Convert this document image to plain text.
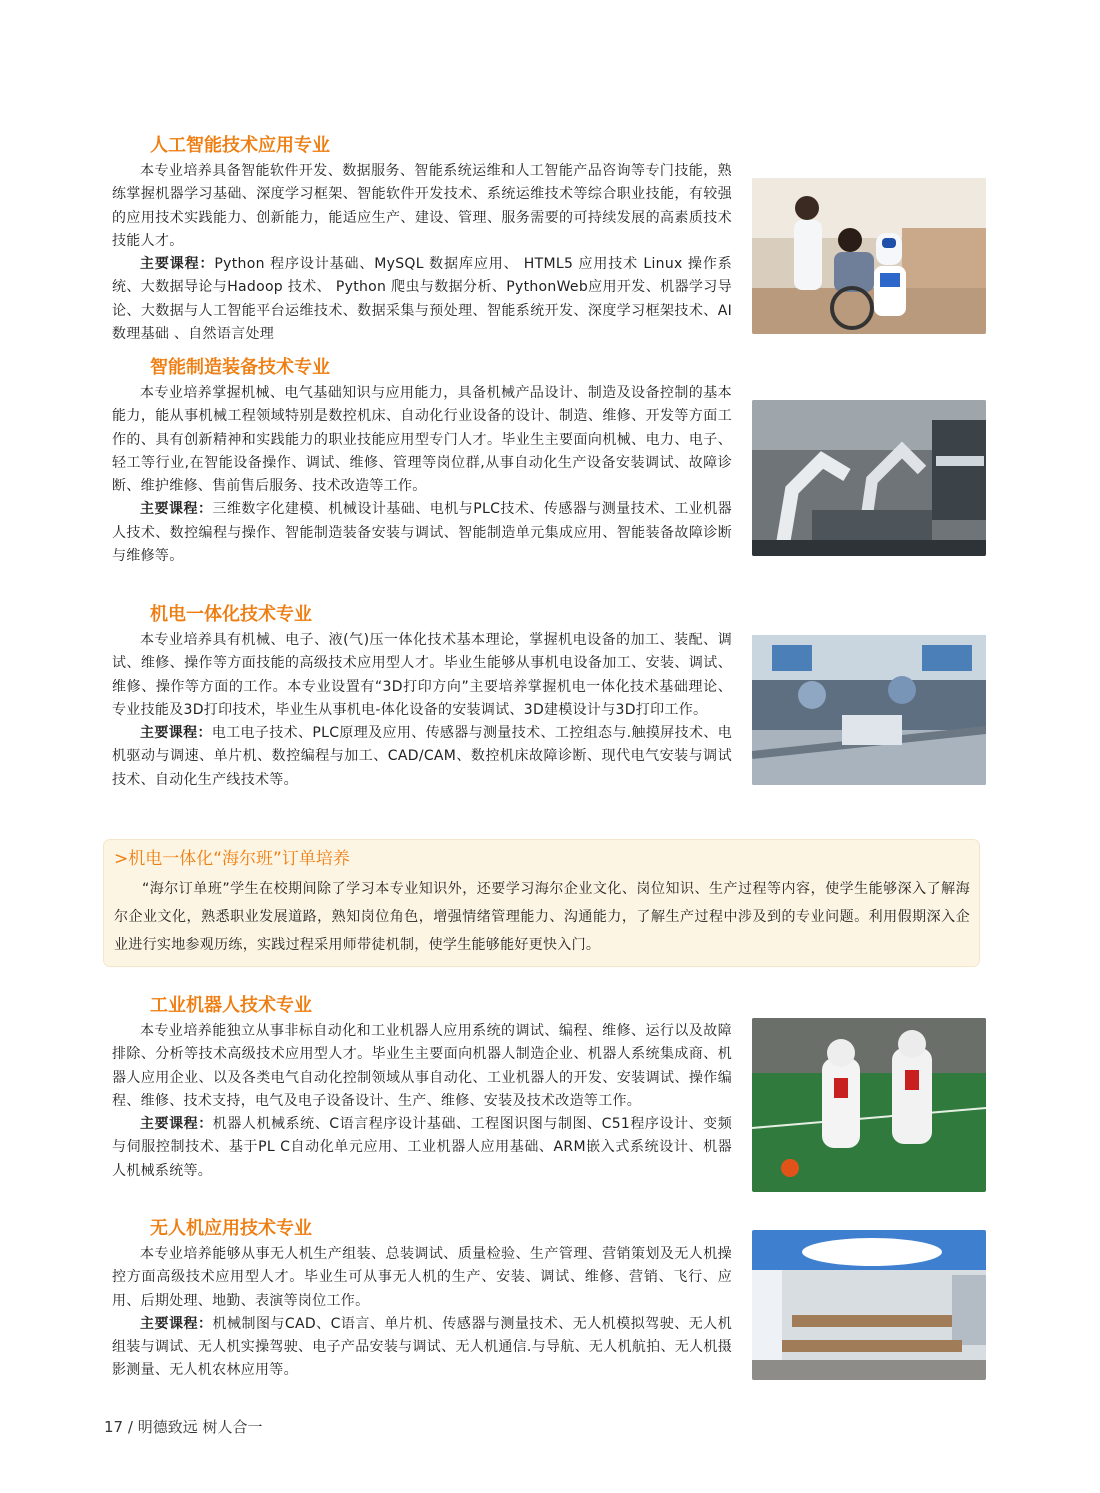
人工智能技术应用专业

本专业培养具备智能软件开发、数据服务、智能系统运维和人工智能产品咨询等专门技能，熟练掌握机器学习基础、深度学习框架、智能软件开发技术、系统运维技术等综合职业技能，有较强的应用技术实践能力、创新能力，能适应生产、建设、管理、服务需要的可持续发展的高素质技术技能人才。

主要课程：Python 程序设计基础、MySQL 数据库应用、 HTML5 应用技术 Linux 操作系统、大数据导论与Hadoop 技术、 Python 爬虫与数据分析、PythonWeb应用开发、机器学习导论、大数据与人工智能平台运维技术、数据采集与预处理、智能系统开发、深度学习框架技术、AI 数理基础 、自然语言处理

智能制造装备技术专业

本专业培养掌握机械、电气基础知识与应用能力，具备机械产品设计、制造及设备控制的基本能力，能从事机械工程领域特别是数控机床、自动化行业设备的设计、制造、维修、开发等方面工作的、具有创新精神和实践能力的职业技能应用型专门人才。毕业生主要面向机械、电力、电子、轻工等行业,在智能设备操作、调试、维修、管理等岗位群,从事自动化生产设备安装调试、故障诊断、维护维修、售前售后服务、技术改造等工作。

主要课程：三维数字化建模、机械设计基础、电机与PLC技术、传感器与测量技术、工业机器人技术、数控编程与操作、智能制造装备安装与调试、智能制造单元集成应用、智能装备故障诊断与维修等。

机电一体化技术专业

本专业培养具有机械、电子、液(气)压一体化技术基本理论，掌握机电设备的加工、装配、调试、维修、操作等方面技能的高级技术应用型人才。毕业生能够从事机电设备加工、安装、调试、维修、操作等方面的工作。本专业设置有“3D打印方向”主要培养掌握机电一体化技术基础理论、专业技能及3D打印技术，毕业生从事机电-体化设备的安装调试、3D建模设计与3D打印工作。

主要课程：电工电子技术、PLC原理及应用、传感器与测量技术、工控组态与.触摸屏技术、电机驱动与调速、单片机、数控编程与加工、CAD/CAM、数控机床故障诊断、现代电气安装与调试技术、自动化生产线技术等。

>机电一体化“海尔班”订单培养

“海尔订单班”学生在校期间除了学习本专业知识外，还要学习海尔企业文化、岗位知识、生产过程等内容，使学生能够深入了解海尔企业文化，熟悉职业发展道路，熟知岗位角色，增强情绪管理能力、沟通能力，了解生产过程中涉及到的专业问题。利用假期深入企业进行实地参观历练，实践过程采用师带徒机制，使学生能够能好更快入门。

工业机器人技术专业

本专业培养能独立从事非标自动化和工业机器人应用系统的调试、编程、维修、运行以及故障排除、分析等技术高级技术应用型人才。毕业生主要面向机器人制造企业、机器人系统集成商、机器人应用企业、以及各类电气自动化控制领域从事自动化、工业机器人的开发、安装调试、操作编程、维修、技术支持，电气及电子设备设计、生产、维修、安装及技术改造等工作。

主要课程：机器人机械系统、C语言程序设计基础、工程图识图与制图、C51程序设计、变频与伺服控制技术、基于PL C自动化单元应用、工业机器人应用基础、ARM嵌入式系统设计、机器人机械系统等。

无人机应用技术专业

本专业培养能够从事无人机生产组装、总装调试、质量检验、生产管理、营销策划及无人机操控方面高级技术应用型人才。毕业生可从事无人机的生产、安装、调试、维修、营销、飞行、应用、后期处理、地勤、表演等岗位工作。

主要课程：机械制图与CAD、C语言、单片机、传感器与测量技术、无人机模拟驾驶、无人机组装与调试、无人机实操驾驶、电子产品安装与调试、无人机通信.与导航、无人机航拍、无人机摄影测量、无人机农林应用等。

17 / 明德致远 树人合一
